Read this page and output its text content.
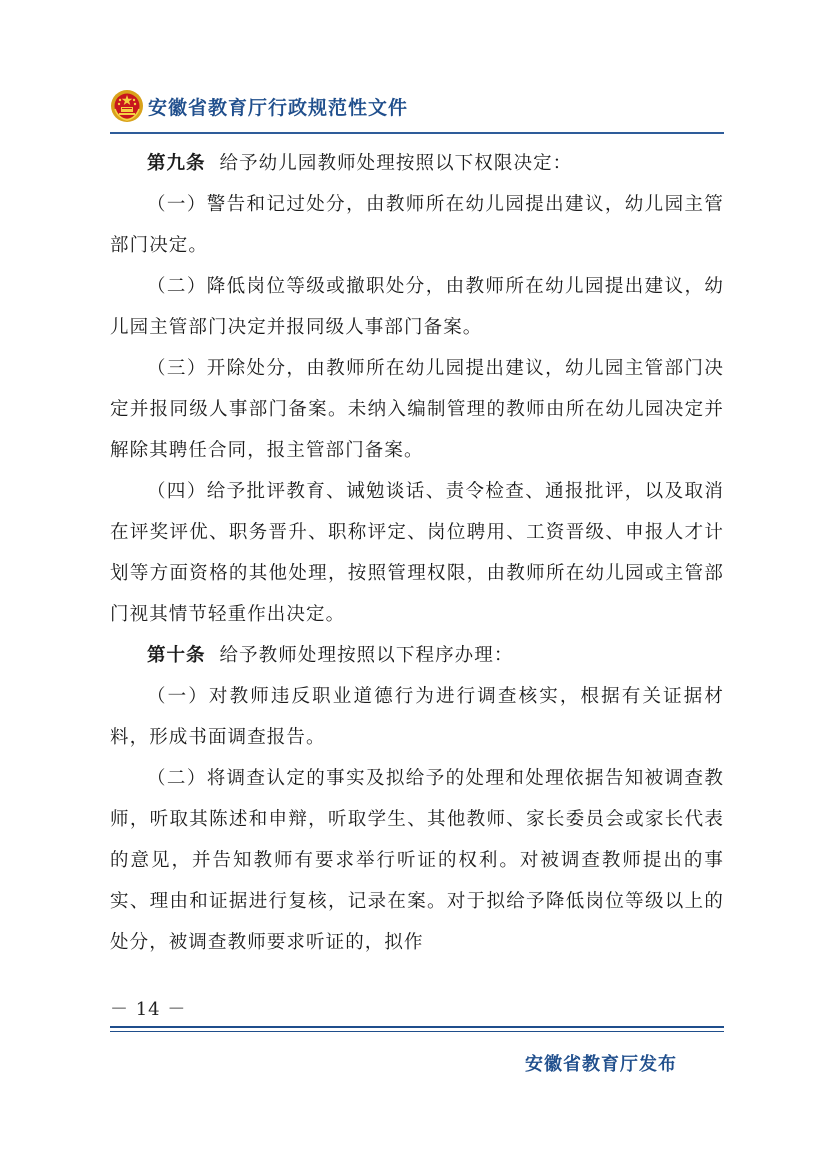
安徽省教育厅行政规范性文件

第九条 给予幼儿园教师处理按照以下权限决定：

（一）警告和记过处分，由教师所在幼儿园提出建议，幼儿园主管部门决定。

（二）降低岗位等级或撤职处分，由教师所在幼儿园提出建议，幼儿园主管部门决定并报同级人事部门备案。

（三）开除处分，由教师所在幼儿园提出建议，幼儿园主管部门决定并报同级人事部门备案。未纳入编制管理的教师由所在幼儿园决定并解除其聘任合同，报主管部门备案。

（四）给予批评教育、诫勉谈话、责令检查、通报批评，以及取消在评奖评优、职务晋升、职称评定、岗位聘用、工资晋级、申报人才计划等方面资格的其他处理，按照管理权限，由教师所在幼儿园或主管部门视其情节轻重作出决定。

第十条 给予教师处理按照以下程序办理：

（一）对教师违反职业道德行为进行调查核实，根据有关证据材料，形成书面调查报告。

（二）将调查认定的事实及拟给予的处理和处理依据告知被调查教师，听取其陈述和申辩，听取学生、其他教师、家长委员会或家长代表的意见，并告知教师有要求举行听证的权利。对被调查教师提出的事实、理由和证据进行复核，记录在案。对于拟给予降低岗位等级以上的处分，被调查教师要求听证的，拟作

－ 14 －
安徽省教育厅发布
